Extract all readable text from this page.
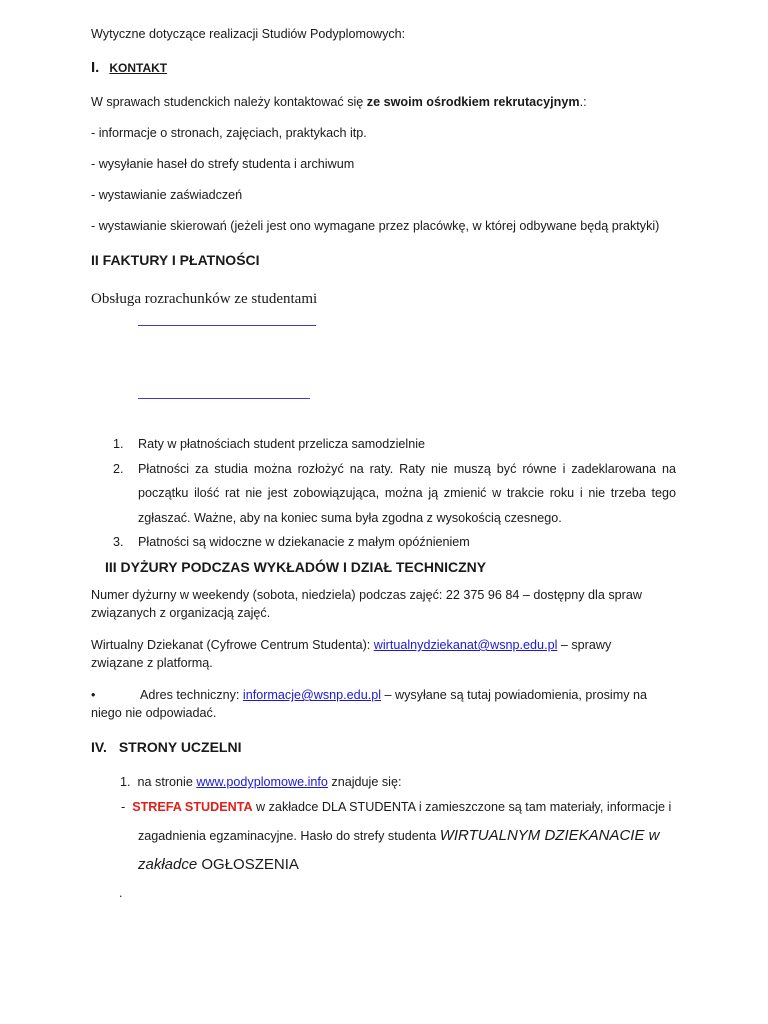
Wytyczne dotyczące realizacji Studiów Podyplomowych:
I. KONTAKT
W sprawach studenckich należy kontaktować się ze swoim ośrodkiem rekrutacyjnym.:
- informacje o stronach, zajęciach, praktykach itp.
- wysyłanie haseł do strefy studenta i archiwum
- wystawianie zaświadczeń
- wystawianie skierowań (jeżeli jest ono wymagane przez placówkę, w której odbywane będą praktyki)
II FAKTURY I PŁATNOŚCI
Obsługa rozrachunków ze studentami

1. Raty w płatnościach student przelicza samodzielnie

2. Płatności za studia można rozłożyć na raty. Raty nie muszą być równe i zadeklarowana na początku ilość rat nie jest zobowiązująca, można ją zmienić w trakcie roku i nie trzeba tego zgłaszać. Ważne, aby na koniec suma była zgodna z wysokością czesnego.

3. Płatności są widoczne w dziekanacie z małym opóźnieniem

III DYŻURY PODCZAS WYKŁADÓW I DZIAŁ TECHNICZNY
Numer dyżurny w weekendy (sobota, niedziela) podczas zajęć: 22 375 96 84 – dostępny dla spraw
związanych z organizacją zajęć.
Wirtualny Dziekanat (Cyfrowe Centrum Studenta): wirtualnydziekanat@wsnp.edu.pl – sprawy
związane z platformą.
•	Adres techniczny: informacje@wsnp.edu.pl – wysyłane są tutaj powiadomienia, prosimy na
niego nie odpowiadać.
IV. STRONY UCZELNI
1. na stronie www.podyplomowe.info znajduje się:
- STREFA STUDENTA w zakładce DLA STUDENTA i zamieszczone są tam materiały, informacje i
zagadnienia egzaminacyjne. Hasło do strefy studenta WIRTUALNYM DZIEKANACIE w
zakładce OGŁOSZENIA
.
